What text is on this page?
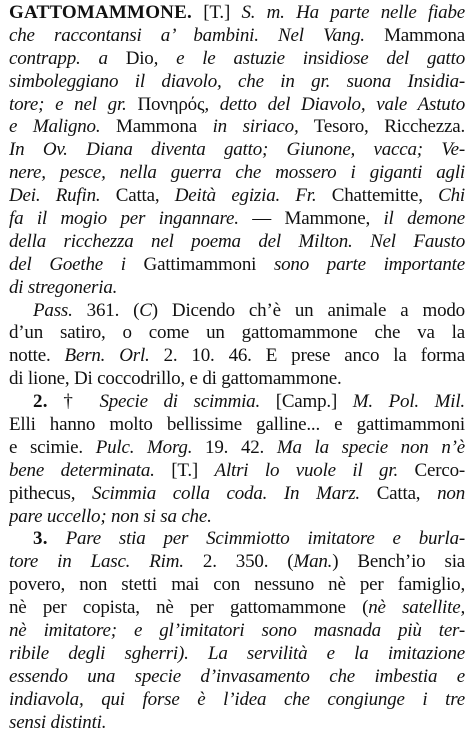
GATTOMAMMONE. [T.] S. m. Ha parte nelle fiabe
che raccontansi a’ bambini. Nel Vang. Mammona
contrapp. a Dio, e le astuzie insidiose del gatto
simboleggiano il diavolo, che in gr. suona Insidia-
tore; e nel gr. Πονηρός, detto del Diavolo, vale Astuto
e Maligno. Mammona in siriaco, Tesoro, Ricchezza.
In Ov. Diana diventa gatto; Giunone, vacca; Ve-
nere, pesce, nella guerra che mossero i giganti agli
Dei. Rufin. Catta, Deità egizia. Fr. Chattemitte, Chi
fa il mogio per ingannare. — Mammone, il demone
della ricchezza nel poema del Milton. Nel Fausto
del Goethe i Gattimammoni sono parte importante
di stregoneria.
Pass. 361. (C) Dicendo ch’è un animale a modo
d’un satiro, o come un gattomammone che va la
notte. Bern. Orl. 2. 10. 46. E prese anco la forma
di lione, Di coccodrillo, e di gattomammone.
2. † Specie di scimmia. [Camp.] M. Pol. Mil.
Elli hanno molto bellissime galline... e gattimammoni
e scimie. Pulc. Morg. 19. 42. Ma la specie non n’è
bene determinata. [T.] Altri lo vuole il gr. Cerco-
pithecus, Scimmia colla coda. In Marz. Catta, non
pare uccello; non si sa che.
3. Pare stia per Scimmiotto imitatore e burla-
tore in Lasc. Rim. 2. 350. (Man.) Bench’io sia
povero, non stetti mai con nessuno nè per famiglio,
nè per copista, nè per gattomammone (nè satellite,
nè imitatore; e gl’imitatori sono masnada più ter-
ribile degli sgherri). La servilità e la imitazione
essendo una specie d’invasamento che imbestia e
indiavola, qui forse è l’idea che congiunge i tre
sensi distinti.
